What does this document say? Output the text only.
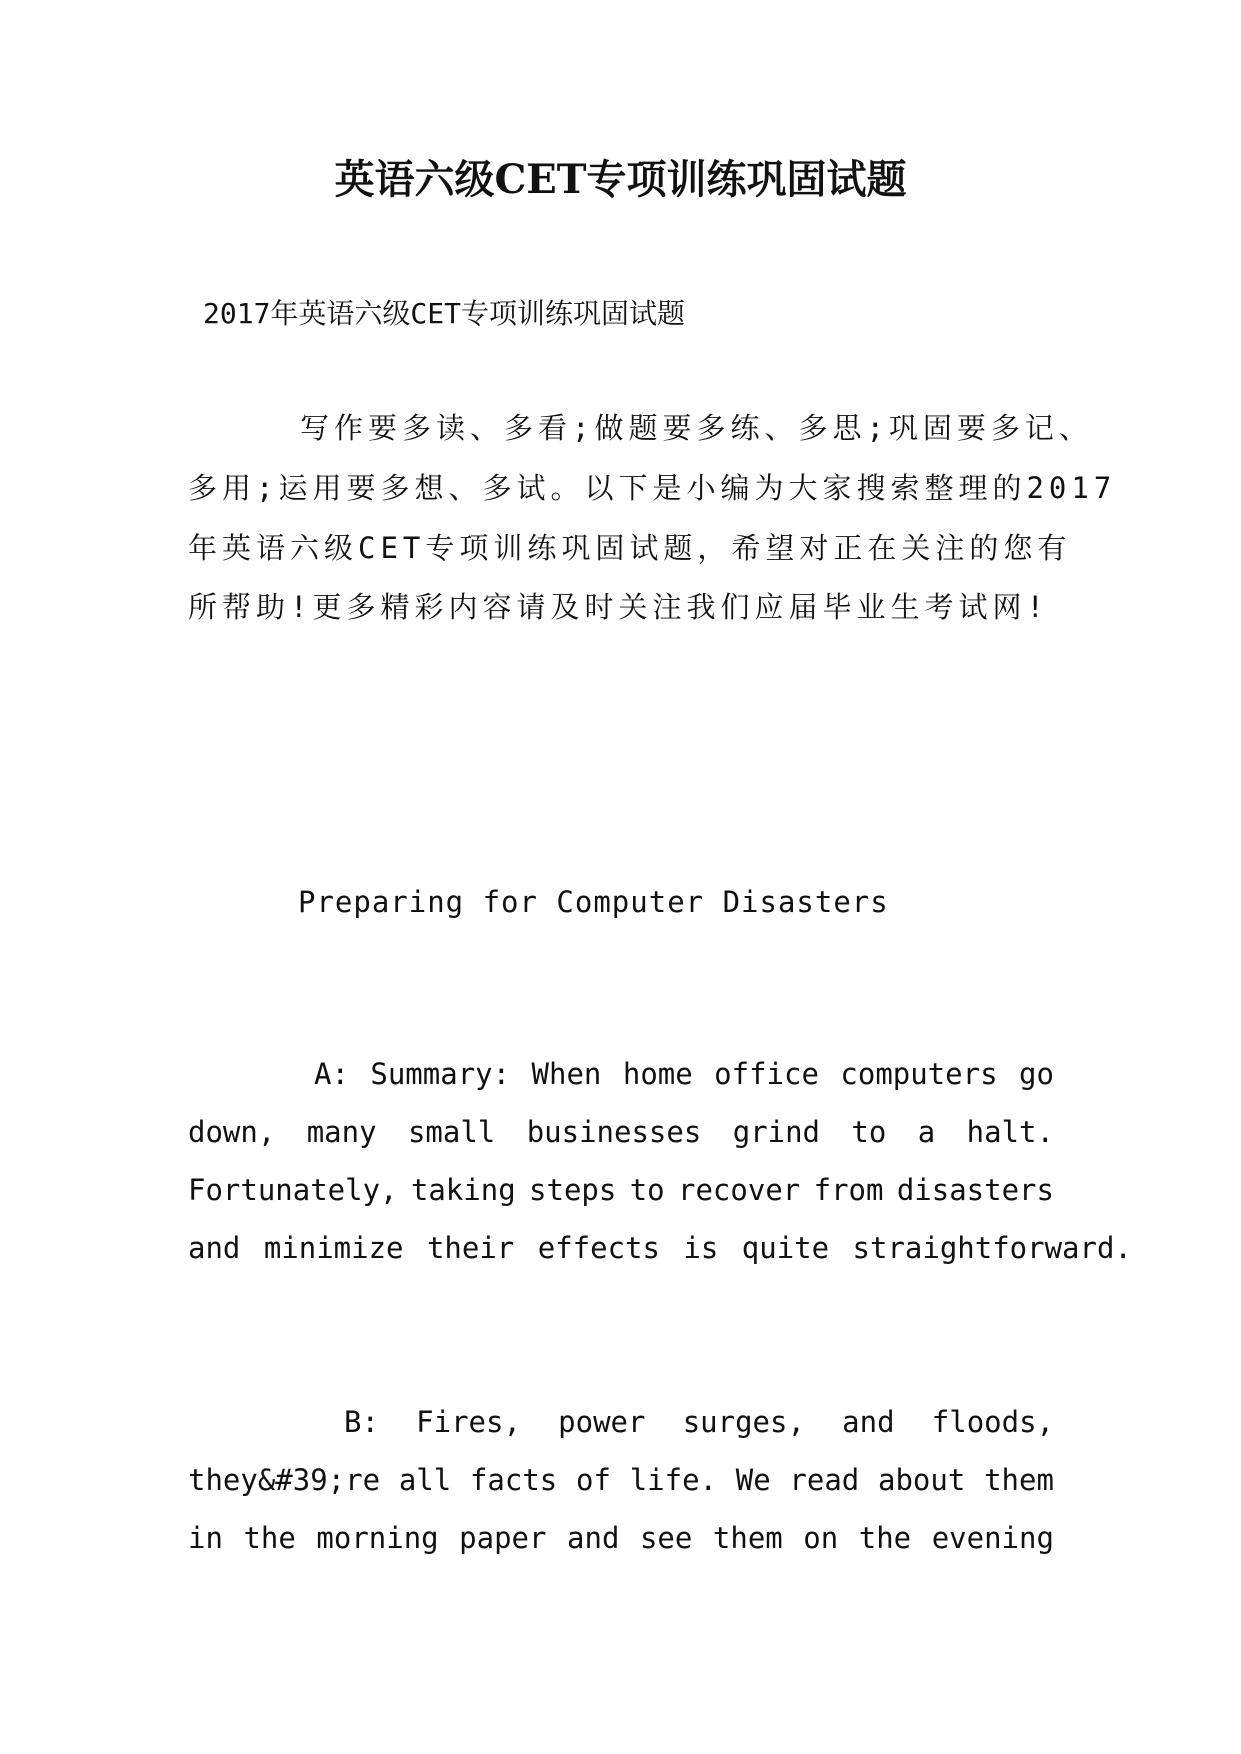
英语六级CET专项训练巩固试题

2017年英语六级CET专项训练巩固试题

写作要多读、多看;做题要多练、多思;巩固要多记、

多用;运用要多想、多试。以下是小编为大家搜索整理的2017

年英语六级CET专项训练巩固试题，希望对正在关注的您有

所帮助!更多精彩内容请及时关注我们应届毕业生考试网!

Preparing for Computer Disasters

A: Summary: When home office computers go

down, many small businesses grind to a halt.

Fortunately, taking steps to recover from disasters

and minimize their effects is quite straightforward.

B: Fires, power surges, and floods,

they&#39;re all facts of life. We read about them

in the morning paper and see them on the evening
